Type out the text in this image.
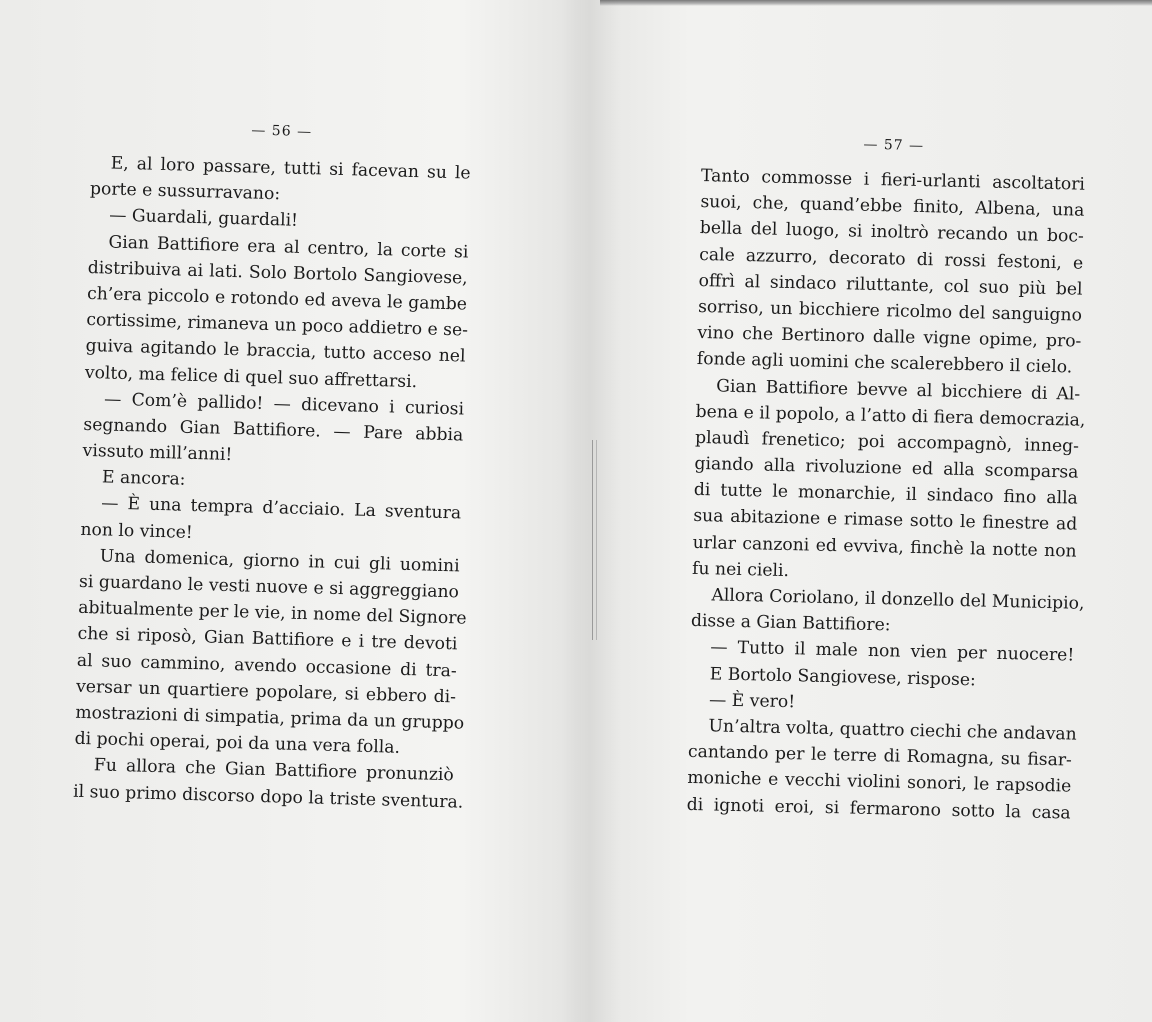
— 56 —
E, al loro passare, tutti si facevan su le
porte e sussurravano:
— Guardali, guardali!
Gian Battifiore era al centro, la corte si
distribuiva ai lati. Solo Bortolo Sangiovese,
ch’era piccolo e rotondo ed aveva le gambe
cortissime, rimaneva un poco addietro e se-
guiva agitando le braccia, tutto acceso nel
volto, ma felice di quel suo affrettarsi.
— Com’è pallido! — dicevano i curiosi
segnando Gian Battifiore. — Pare abbia
vissuto mill’anni!
E ancora:
— È una tempra d’acciaio. La sventura
non lo vince!
Una domenica, giorno in cui gli uomini
si guardano le vesti nuove e si aggreggiano
abitualmente per le vie, in nome del Signore
che si riposò, Gian Battifiore e i tre devoti
al suo cammino, avendo occasione di tra-
versar un quartiere popolare, si ebbero di-
mostrazioni di simpatia, prima da un gruppo
di pochi operai, poi da una vera folla.
Fu allora che Gian Battifiore pronunziò
il suo primo discorso dopo la triste sventura.
— 57 —
Tanto commosse i fieri-urlanti ascoltatori
suoi, che, quand’ebbe finito, Albena, una
bella del luogo, si inoltrò recando un boc-
cale azzurro, decorato di rossi festoni, e
offrì al sindaco riluttante, col suo più bel
sorriso, un bicchiere ricolmo del sanguigno
vino che Bertinoro dalle vigne opime, pro-
fonde agli uomini che scalerebbero il cielo.
Gian Battifiore bevve al bicchiere di Al-
bena e il popolo, a l’atto di fiera democrazia,
plaudì frenetico; poi accompagnò, inneg-
giando alla rivoluzione ed alla scomparsa
di tutte le monarchie, il sindaco fino alla
sua abitazione e rimase sotto le finestre ad
urlar canzoni ed evviva, finchè la notte non
fu nei cieli.
Allora Coriolano, il donzello del Municipio,
disse a Gian Battifiore:
— Tutto il male non vien per nuocere!
E Bortolo Sangiovese, rispose:
— È vero!
Un’altra volta, quattro ciechi che andavan
cantando per le terre di Romagna, su fisar-
moniche e vecchi violini sonori, le rapsodie
di ignoti eroi, si fermarono sotto la casa
